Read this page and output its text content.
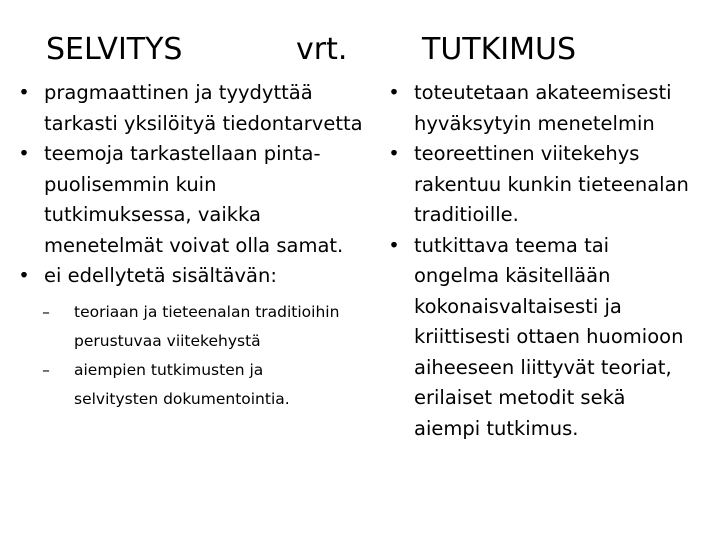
SELVITYS	vrt. TUTKIMUS
• pragmaattinen ja tyydyttää
tarkasti yksilöityä tiedontarvetta
• teemoja tarkastellaan pinta-
puolisemmin kuin
tutkimuksessa, vaikka
menetelmät voivat olla samat.
• ei edellytetä sisältävän:
–	teoriaan ja tieteenalan traditioihin
perustuvaa viitekehystä
–	aiempien tutkimusten ja
selvitysten dokumentointia.
• toteutetaan akateemisesti
hyväksytyin menetelmin
• teoreettinen viitekehys
rakentuu kunkin tieteenalan
traditioille.
• tutkittava teema tai
ongelma käsitellään
kokonaisvaltaisesti ja
kriittisesti ottaen huomioon
aiheeseen liittyvät teoriat,
erilaiset metodit sekä
aiempi tutkimus.
